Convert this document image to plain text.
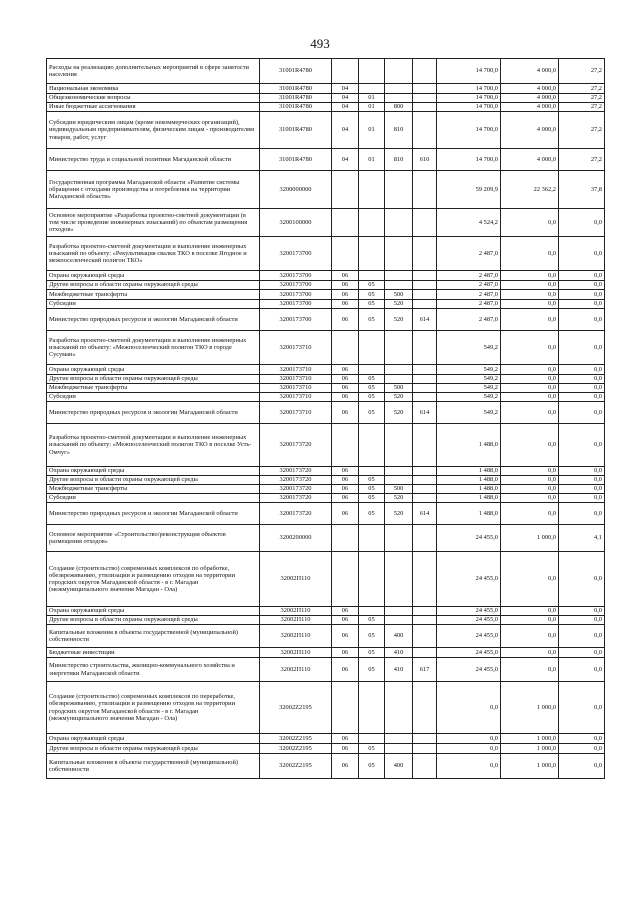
493
Расходы на реализацию дополнительных мероприятий в сфере занятости населения	31001R4780					14 700,0	4 000,0	27,2
Национальная экономика	31001R4780	04				14 700,0	4 000,0	27,2
Общеэкономические вопросы	31001R4780	04	01			14 700,0	4 000,0	27,2
Иные бюджетные ассигнования	31001R4780	04	01	800		14 700,0	4 000,0	27,2
Субсидии юридическим лицам (кроме некоммерческих организаций), индивидуальным предпринимателям, физическим лицам - производителям товаров, работ, услуг	31001R4780	04	01	810		14 700,0	4 000,0	27,2
Министерство труда и социальной политики Магаданской области	31001R4780	04	01	810	610	14 700,0	4 000,0	27,2
Государственная программа Магаданской области «Развитие системы обращения с отходами производства и потребления на территории Магаданской области»	3200000000					59 209,9	22 362,2	37,8
Основное мероприятие «Разработка проектно-сметной документации (в том числе проведение инженерных изысканий) по объектам размещения отходов»	3200100000					4 524,2	0,0	0,0
Разработка проектно-сметной документации и выполнение инженерных изысканий по объекту: «Рекультивация свалки ТКО в поселке Ягодное и межпоселенческий полигон ТКО»	3200173700					2 487,0	0,0	0,0
Охрана окружающей среды	3200173700	06				2 487,0	0,0	0,0
Другие вопросы в области охраны окружающей среды	3200173700	06	05			2 487,0	0,0	0,0
Межбюджетные трансферты	3200173700	06	05	500		2 487,0	0,0	0,0
Субсидии	3200173700	06	05	520		2 487,0	0,0	0,0
Министерство природных ресурсов и экологии Магаданской области	3200173700	06	05	520	614	2 487,0	0,0	0,0
Разработка проектно-сметной документации и выполнение инженерных изысканий по объекту: «Межпоселенческий полигон ТКО в городе Сусуман»	3200173710					549,2	0,0	0,0
Охрана окружающей среды	3200173710	06				549,2	0,0	0,0
Другие вопросы в области охраны окружающей среды	3200173710	06	05			549,2	0,0	0,0
Межбюджетные трансферты	3200173710	06	05	500		549,2	0,0	0,0
Субсидии	3200173710	06	05	520		549,2	0,0	0,0
Министерство природных ресурсов и экологии Магаданской области	3200173710	06	05	520	614	549,2	0,0	0,0
Разработка проектно-сметной документации и выполнение инженерных изысканий по объекту: «Межпоселенческий полигон ТКО в поселке Усть-Омчуг»	3200173720					1 488,0	0,0	0,0
Охрана окружающей среды	3200173720	06				1 488,0	0,0	0,0
Другие вопросы в области охраны окружающей среды	3200173720	06	05			1 488,0	0,0	0,0
Межбюджетные трансферты	3200173720	06	05	500		1 488,0	0,0	0,0
Субсидии	3200173720	06	05	520		1 488,0	0,0	0,0
Министерство природных ресурсов и экологии Магаданской области	3200173720	06	05	520	614	1 488,0	0,0	0,0
Основное мероприятие «Строительство/реконструкция объектов размещения отходов»	3200200000					24 455,0	1 000,0	4,1
Создание (строительство) современных комплексов по обработке, обезвреживанию, утилизации и размещению отходов на территории городских округов Магаданской области - в г. Магадан (межмуниципального значения Магадан - Ола)	32002П110					24 455,0	0,0	0,0
Охрана окружающей среды	32002П110	06				24 455,0	0,0	0,0
Другие вопросы в области охраны окружающей среды	32002П110	06	05			24 455,0	0,0	0,0
Капитальные вложения в объекты государственной (муниципальной) собственности	32002П110	06	05	400		24 455,0	0,0	0,0
Бюджетные инвестиции	32002П110	06	05	410		24 455,0	0,0	0,0
Министерство строительства, жилищно-коммунального хозяйства и энергетики Магаданской области	32002П110	06	05	410	617	24 455,0	0,0	0,0
Создание (строительство) современных комплексов по переработке, обезвреживанию, утилизации и размещению отходов на территории городских округов Магаданской области - в г. Магадан (межмуниципального значения Магадан - Ола)	32002Z2195					0,0	1 000,0	0,0
Охрана окружающей среды	32002Z2195	06				0,0	1 000,0	0,0
Другие вопросы в области охраны окружающей среды	32002Z2195	06	05			0,0	1 000,0	0,0
Капитальные вложения в объекты государственной (муниципальной) собственности	32002Z2195	06	05	400		0,0	1 000,0	0,0
